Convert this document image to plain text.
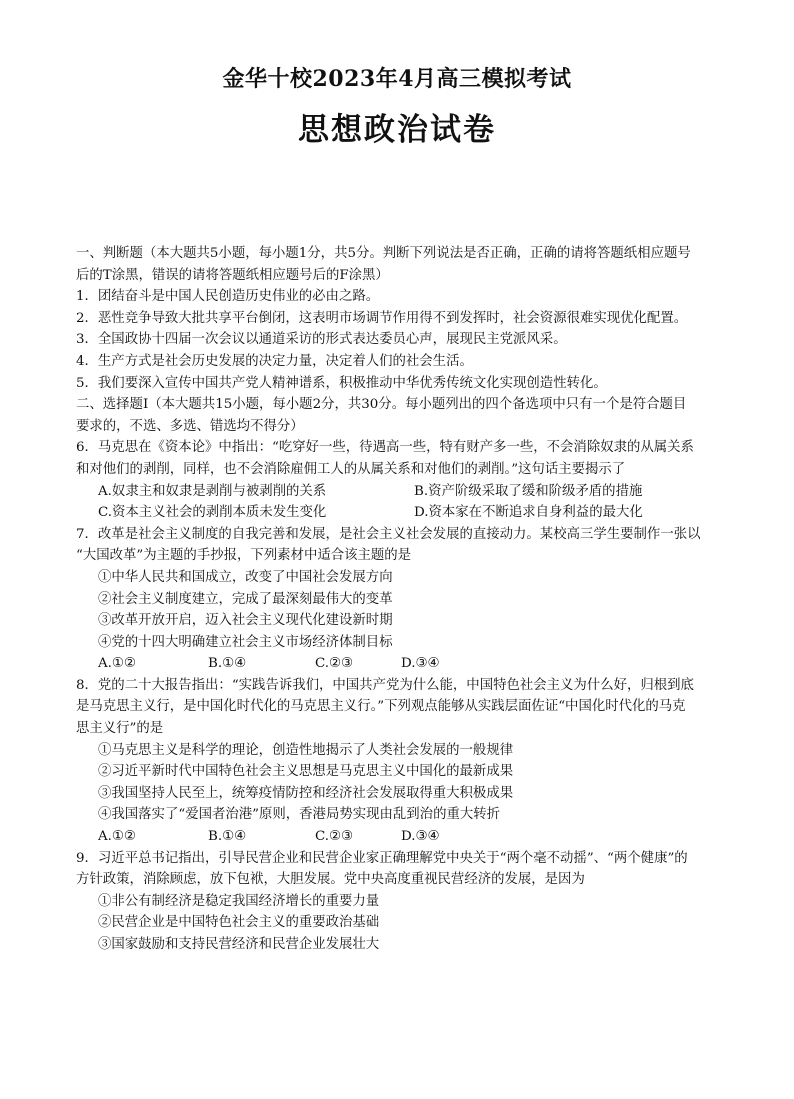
金华十校2023年4月高三模拟考试
思想政治试卷

一、判断题（本大题共5小题，每小题1分，共5分。判断下列说法是否正确，正确的请将答题纸相应题号

后的T涂黑，错误的请将答题纸相应题号后的F涂黑）

1．团结奋斗是中国人民创造历史伟业的必由之路。

2．恶性竞争导致大批共享平台倒闭，这表明市场调节作用得不到发挥时，社会资源很难实现优化配置。

3．全国政协十四届一次会议以通道采访的形式表达委员心声，展现民主党派风采。

4．生产方式是社会历史发展的决定力量，决定着人们的社会生活。

5．我们要深入宣传中国共产党人精神谱系，积极推动中华优秀传统文化实现创造性转化。

二、选择题Ⅰ（本大题共15小题，每小题2分，共30分。每小题列出的四个备选项中只有一个是符合题目

要求的，不选、多选、错选均不得分）

6．马克思在《资本论》中指出：“吃穿好一些，待遇高一些，特有财产多一些，不会消除奴隶的从属关系

和对他们的剥削，同样，也不会消除雇佣工人的从属关系和对他们的剥削。”这句话主要揭示了

A.奴隶主和奴隶是剥削与被剥削的关系	B.资产阶级采取了缓和阶级矛盾的措施
C.资本主义社会的剥削本质未发生变化	D.资本家在不断追求自身利益的最大化

7．改革是社会主义制度的自我完善和发展，是社会主义社会发展的直接动力。某校高三学生要制作一张以

“大国改革”为主题的手抄报，下列素材中适合该主题的是

①中华人民共和国成立，改变了中国社会发展方向

②社会主义制度建立，完成了最深刻最伟大的变革

③改革开放开启，迈入社会主义现代化建设新时期

④党的十四大明确建立社会主义市场经济体制目标

A.①②	B.①④	C.②③	D.③④

8．党的二十大报告指出：“实践告诉我们，中国共产党为什么能，中国特色社会主义为什么好，归根到底

是马克思主义行，是中国化时代化的马克思主义行。”下列观点能够从实践层面佐证“中国化时代化的马克

思主义行”的是

①马克思主义是科学的理论，创造性地揭示了人类社会发展的一般规律

②习近平新时代中国特色社会主义思想是马克思主义中国化的最新成果

③我国坚持人民至上，统筹疫情防控和经济社会发展取得重大积极成果

④我国落实了“爱国者治港”原则，香港局势实现由乱到治的重大转折

A.①②	B.①④	C.②③	D.③④

9．习近平总书记指出，引导民营企业和民营企业家正确理解党中央关于“两个毫不动摇”、“两个健康”的

方针政策，消除顾虑，放下包袱，大胆发展。党中央高度重视民营经济的发展，是因为

①非公有制经济是稳定我国经济增长的重要力量

②民营企业是中国特色社会主义的重要政治基础

③国家鼓励和支持民营经济和民营企业发展壮大
